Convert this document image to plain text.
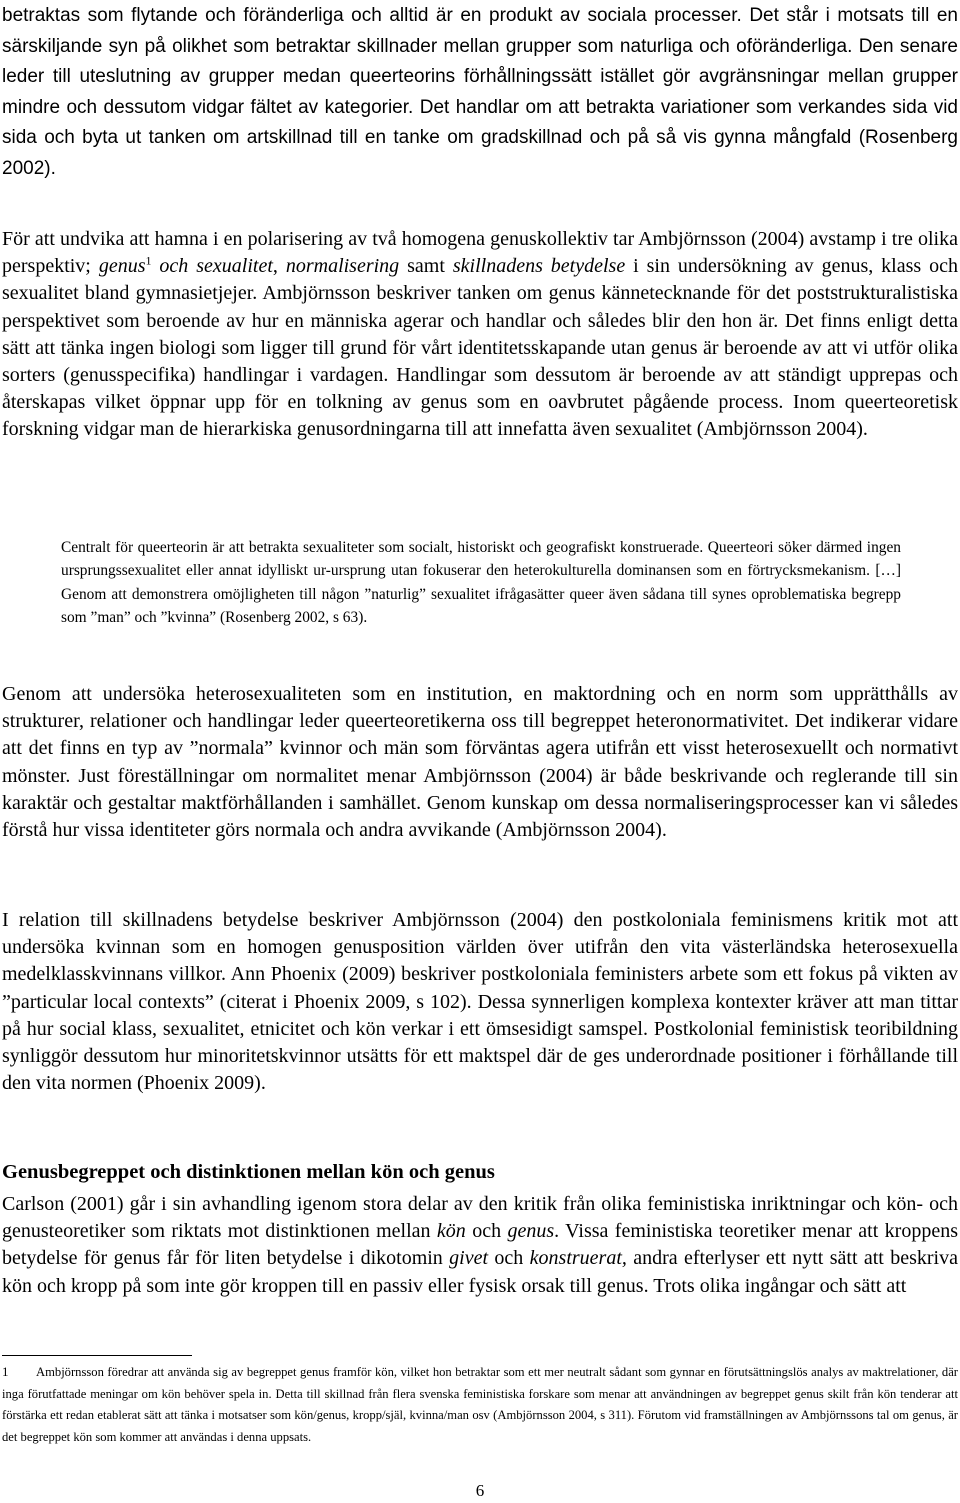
betraktas som flytande och föränderliga och alltid är en produkt av sociala processer. Det står i motsats till en särskiljande syn på olikhet som betraktar skillnader mellan grupper som naturliga och oföränderliga. Den senare leder till uteslutning av grupper medan queerteorins förhållningssätt istället gör avgränsningar mellan grupper mindre och dessutom vidgar fältet av kategorier. Det handlar om att betrakta variationer som verkandes sida vid sida och byta ut tanken om artskillnad till en tanke om gradskillnad och på så vis gynna mångfald (Rosenberg 2002).

För att undvika att hamna i en polarisering av två homogena genuskollektiv tar Ambjörnsson (2004) avstamp i tre olika perspektiv; genus$^1$ och sexualitet, normalisering samt skillnadens betydelse i sin undersökning av genus, klass och sexualitet bland gymnasietjejer. Ambjörnsson beskriver tanken om genus kännetecknande för det poststrukturalistiska perspektivet som beroende av hur en människa agerar och handlar och således blir den hon är. Det finns enligt detta sätt att tänka ingen biologi som ligger till grund för vårt identitetsskapande utan genus är beroende av att vi utför olika sorters (genusspecifika) handlingar i vardagen. Handlingar som dessutom är beroende av att ständigt upprepas och återskapas vilket öppnar upp för en tolkning av genus som en oavbrutet pågående process. Inom queerteoretisk forskning vidgar man de hierarkiska genusordningarna till att innefatta även sexualitet (Ambjörnsson 2004).

Centralt för queerteorin är att betrakta sexualiteter som socialt, historiskt och geografiskt konstruerade. Queerteori söker därmed ingen ursprungssexualitet eller annat idylliskt ur-ursprung utan fokuserar den heterokulturella dominansen som en förtrycksmekanism. […] Genom att demonstrera omöjligheten till någon ”naturlig” sexualitet ifrågasätter queer även sådana till synes oproblematiska begrepp som ”man” och ”kvinna” (Rosenberg 2002, s 63).

Genom att undersöka heterosexualiteten som en institution, en maktordning och en norm som upprätthålls av strukturer, relationer och handlingar leder queerteoretikerna oss till begreppet heteronormativitet. Det indikerar vidare att det finns en typ av ”normala” kvinnor och män som förväntas agera utifrån ett visst heterosexuellt och normativt mönster. Just föreställningar om normalitet menar Ambjörnsson (2004) är både beskrivande och reglerande till sin karaktär och gestaltar maktförhållanden i samhället. Genom kunskap om dessa normaliseringsprocesser kan vi således förstå hur vissa identiteter görs normala och andra avvikande (Ambjörnsson 2004).

I relation till skillnadens betydelse beskriver Ambjörnsson (2004) den postkoloniala feminismens kritik mot att undersöka kvinnan som en homogen genusposition världen över utifrån den vita västerländska heterosexuella medelklasskvinnans villkor. Ann Phoenix (2009) beskriver postkoloniala feministers arbete som ett fokus på vikten av ”particular local contexts” (citerat i Phoenix 2009, s 102). Dessa synnerligen komplexa kontexter kräver att man tittar på hur social klass, sexualitet, etnicitet och kön verkar i ett ömsesidigt samspel. Postkolonial feministisk teoribildning synliggör dessutom hur minoritetskvinnor utsätts för ett maktspel där de ges underordnade positioner i förhållande till den vita normen (Phoenix 2009).

Genusbegreppet och distinktionen mellan kön och genus

Carlson (2001) går i sin avhandling igenom stora delar av den kritik från olika feministiska inriktningar och kön- och genusteoretiker som riktats mot distinktionen mellan kön och genus. Vissa feministiska teoretiker menar att kroppens betydelse för genus får för liten betydelse i dikotomin givet och konstruerat, andra efterlyser ett nytt sätt att beskriva kön och kropp på som inte gör kroppen till en passiv eller fysisk orsak till genus. Trots olika ingångar och sätt att

1 Ambjörnsson föredrar att använda sig av begreppet genus framför kön, vilket hon betraktar som ett mer neutralt sådant som gynnar en förutsättningslös analys av maktrelationer, där inga förutfattade meningar om kön behöver spela in. Detta till skillnad från flera svenska feministiska forskare som menar att användningen av begreppet genus skilt från kön tenderar att förstärka ett redan etablerat sätt att tänka i motsatser som kön/genus, kropp/själ, kvinna/man osv (Ambjörnsson 2004, s 311). Förutom vid framställningen av Ambjörnssons tal om genus, är det begreppet kön som kommer att användas i denna uppsats.

6
